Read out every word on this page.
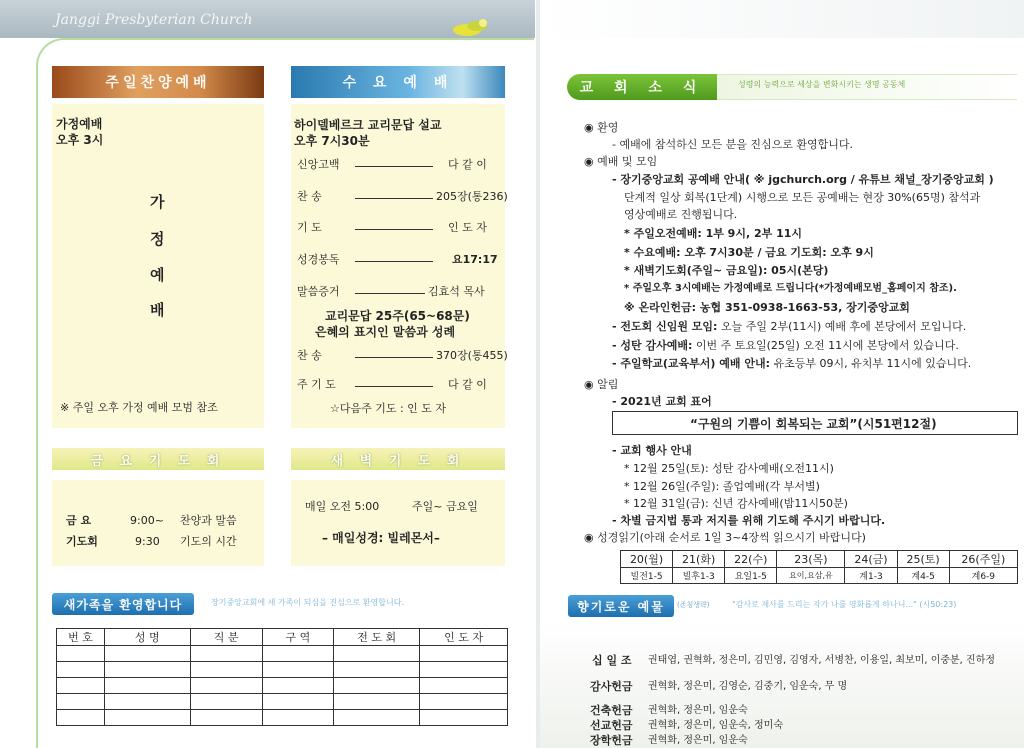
Janggi Presbyterian Church
주일찬양예배
가정예배
오후 3시
가
정
예
배
※ 주일 오후 가정 예배 모범 참조
수 요 예 배
하이델베르크 교리문답 설교
오후 7시30분
신앙고백	다 같 이
찬 송	205장(통236)
기 도	인 도 자
성경봉독	요17:17
말씀증거	김효석 목사
교리문답 25주(65~68문)
은혜의 표지인 말씀과 성례
찬 송	370장(통455)
주 기 도	다 같 이
☆다음주 기도 : 인 도 자
금 요 기 도 회
금 요	9:00~ 찬양과 말씀
기도회	9:30 기도의 시간
새 벽 기 도 회
매일 오전 5:00	주일~ 금요일
– 매일성경: 빌레몬서–
새가족을 환영합니다	장기중앙교회에 새 가족이 되심을 진심으로 환영합니다.
번 호	성 명	직 분	구 역	전 도 회	인 도 자

교 회 소 식	성령의 능력으로 세상을 변화시키는 생명 공동체
◉ 환영
- 예배에 참석하신 모든 분을 진심으로 환영합니다.
◉ 예배 및 모임
- 장기중앙교회 공예배 안내( ※ jgchurch.org / 유튜브 채널_장기중앙교회 )
단계적 일상 회복(1단계) 시행으로 모든 공예배는 현장 30%(65명) 참석과
영상예배로 진행됩니다.
* 주일오전예배: 1부 9시, 2부 11시
* 수요예배: 오후 7시30분 / 금요 기도회: 오후 9시
* 새벽기도회(주일~ 금요일): 05시(본당)
* 주일오후 3시예배는 가정예배로 드립니다(*가정예배모범_홈페이지 참조).
※ 온라인헌금: 농협 351-0938-1663-53, 장기중앙교회
- 전도회 신임원 모임: 오늘 주일 2부(11시) 예배 후에 본당에서 모입니다.
- 성탄 감사예배: 이번 주 토요일(25일) 오전 11시에 본당에서 있습니다.
- 주일학교(교육부서) 예배 안내: 유초등부 09시, 유치부 11시에 있습니다.
◉ 알림
- 2021년 교회 표어
“구원의 기쁨이 회복되는 교회”(시51편12절)
- 교회 행사 안내
* 12월 25일(토): 성탄 감사예배(오전11시)
* 12월 26일(주일): 졸업예배(각 부서별)
* 12월 31일(금): 신년 감사예배(밤11시50분)
- 차별 금지법 통과 저지를 위해 기도해 주시기 바랍니다.
◉ 성경읽기(아래 순서로 1일 3~4장씩 읽으시기 바랍니다)
20(월)	21(화)	22(수)	23(목)	24(금)	25(토)	26(주일)
빌전1-5	빌후1-3	요일1-5	요이,요삼,유	계1-3	계4-5	계6-9
향기로운 예물 (존칭생략)	"감사로 제사를 드리는 자가 나를 영화롭게 하나니..." (시50:23)
십 일 조 권태엽, 권혁화, 정은미, 김민영, 김영자, 서병찬, 이용일, 최보미, 이중분, 진하정
감사헌금 권혁화, 정은미, 김영순, 김중기, 임운숙, 무 명
건축헌금 권혁화, 정은미, 임운숙
선교헌금 권혁화, 정은미, 임운숙, 정미숙
장학헌금 권혁화, 정은미, 임운숙
